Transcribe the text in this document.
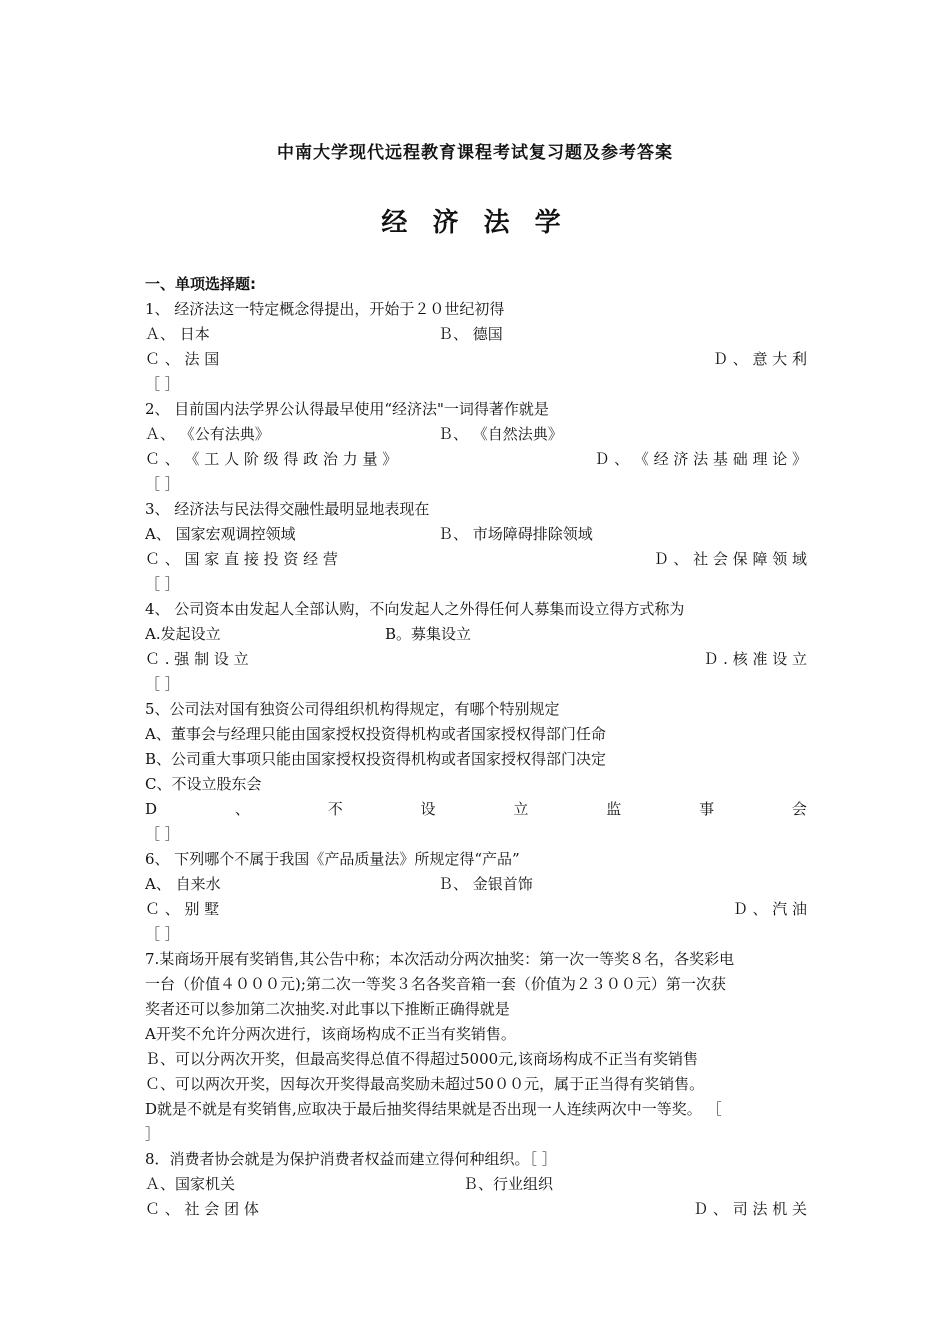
中南大学现代远程教育课程考试复习题及参考答案
经 济 法 学
一、单项选择题:
1、 经济法这一特定概念得提出，开始于２０世纪初得
Ａ、 日本	Ｂ、 德国
Ｃ 、 法 国	Ｄ 、 意 大 利
［ ］
2、 目前国内法学界公认得最早使用“经济法"一词得著作就是
Ａ、 《公有法典》	Ｂ、 《自然法典》
Ｃ 、 《 工 人 阶 级 得 政 治 力 量 》	Ｄ 、 《 经 济 法 基 础 理 论 》
［ ］
3、 经济法与民法得交融性最明显地表现在
A、 国家宏观调控领域	Ｂ、 市场障碍排除领域
Ｃ 、 国 家 直 接 投 资 经 营	Ｄ 、 社 会 保 障 领 域
［ ］
4、 公司资本由发起人全部认购，不向发起人之外得任何人募集而设立得方式称为
A.发起设立	B。募集设立
Ｃ . 强 制 设 立	Ｄ . 核 准 设 立
［ ］
5、公司法对国有独资公司得组织机构得规定，有哪个特别规定
A、董事会与经理只能由国家授权投资得机构或者国家授权得部门任命
B、公司重大事项只能由国家授权投资得机构或者国家授权得部门决定
C、不设立股东会
D	、	不	设	立	监	事	会
［ ］
6、 下列哪个不属于我国《产品质量法》所规定得“产品”
A、 自来水	Ｂ、 金银首饰
Ｃ 、 别 墅	Ｄ 、 汽 油
［ ］
7.某商场开展有奖销售,其公告中称；本次活动分两次抽奖：第一次一等奖８名，各奖彩电
一台（价值４０００元);第二次一等奖３名各奖音箱一套（价值为２３００元）第一次获
奖者还可以参加第二次抽奖.对此事以下推断正确得就是
A开奖不允许分两次进行，该商场构成不正当有奖销售。
Ｂ、可以分两次开奖，但最高奖得总值不得超过5000元,该商场构成不正当有奖销售
Ｃ、可以两次开奖，因每次开奖得最高奖励未超过50００元，属于正当得有奖销售。
D就是不就是有奖销售,应取决于最后抽奖得结果就是否出现一人连续两次中一等奖。 ［
］
8．消费者协会就是为保护消费者权益而建立得何种组织。［ ］
Ａ、国家机关	Ｂ、行业组织
Ｃ 、 社 会 团 体	Ｄ 、 司 法 机 关
